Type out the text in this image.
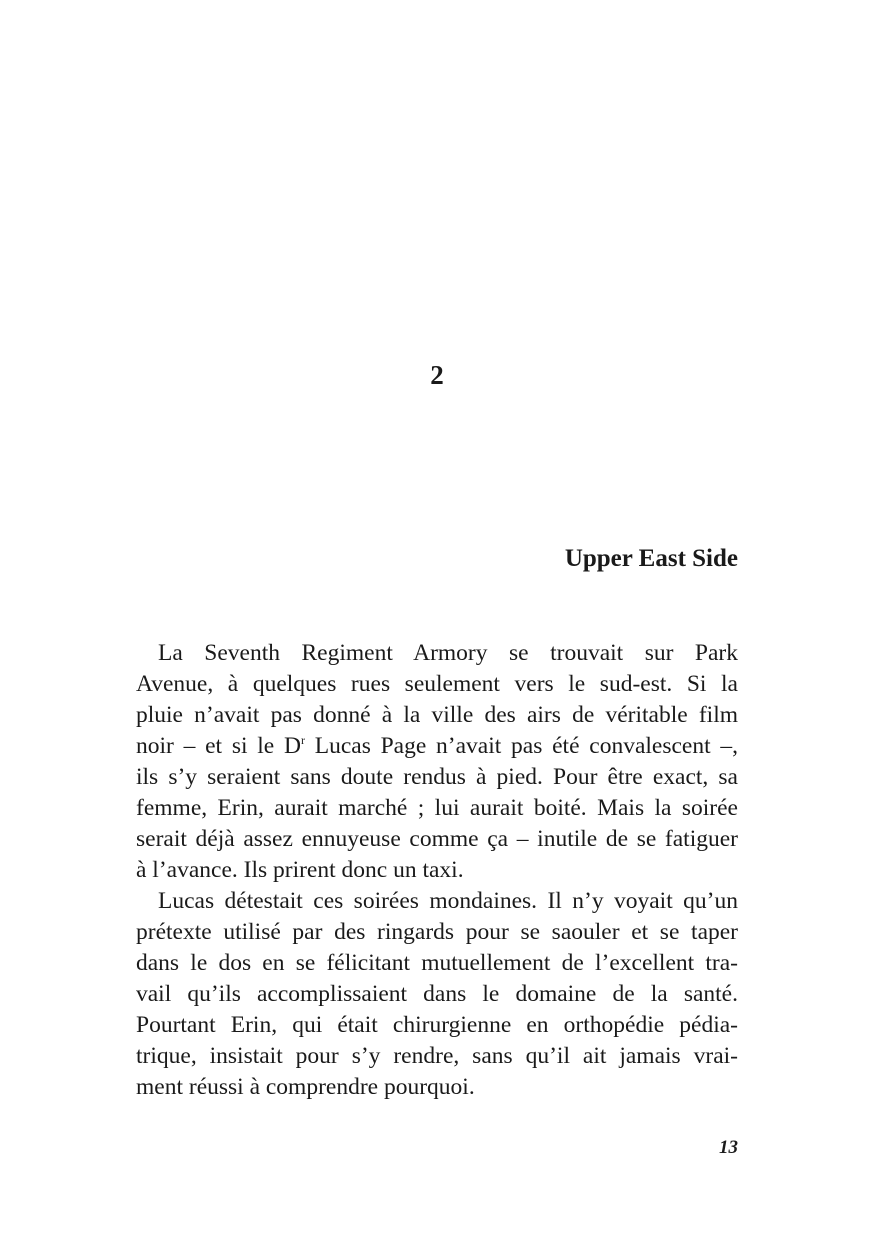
2
Upper East Side
La Seventh Regiment Armory se trouvait sur Park
Avenue, à quelques rues seulement vers le sud-est. Si la
pluie n’avait pas donné à la ville des airs de véritable film
noir – et si le $D^r$ Lucas Page n’avait pas été convalescent –,
ils s’y seraient sans doute rendus à pied. Pour être exact, sa
femme, Erin, aurait marché ; lui aurait boité. Mais la soirée
serait déjà assez ennuyeuse comme ça – inutile de se fatiguer
à l’avance. Ils prirent donc un taxi.
Lucas détestait ces soirées mondaines. Il n’y voyait qu’un
prétexte utilisé par des ringards pour se saouler et se taper
dans le dos en se félicitant mutuellement de l’excellent tra-
vail qu’ils accomplissaient dans le domaine de la santé.
Pourtant Erin, qui était chirurgienne en orthopédie pédia-
trique, insistait pour s’y rendre, sans qu’il ait jamais vrai-
ment réussi à comprendre pourquoi.

13
